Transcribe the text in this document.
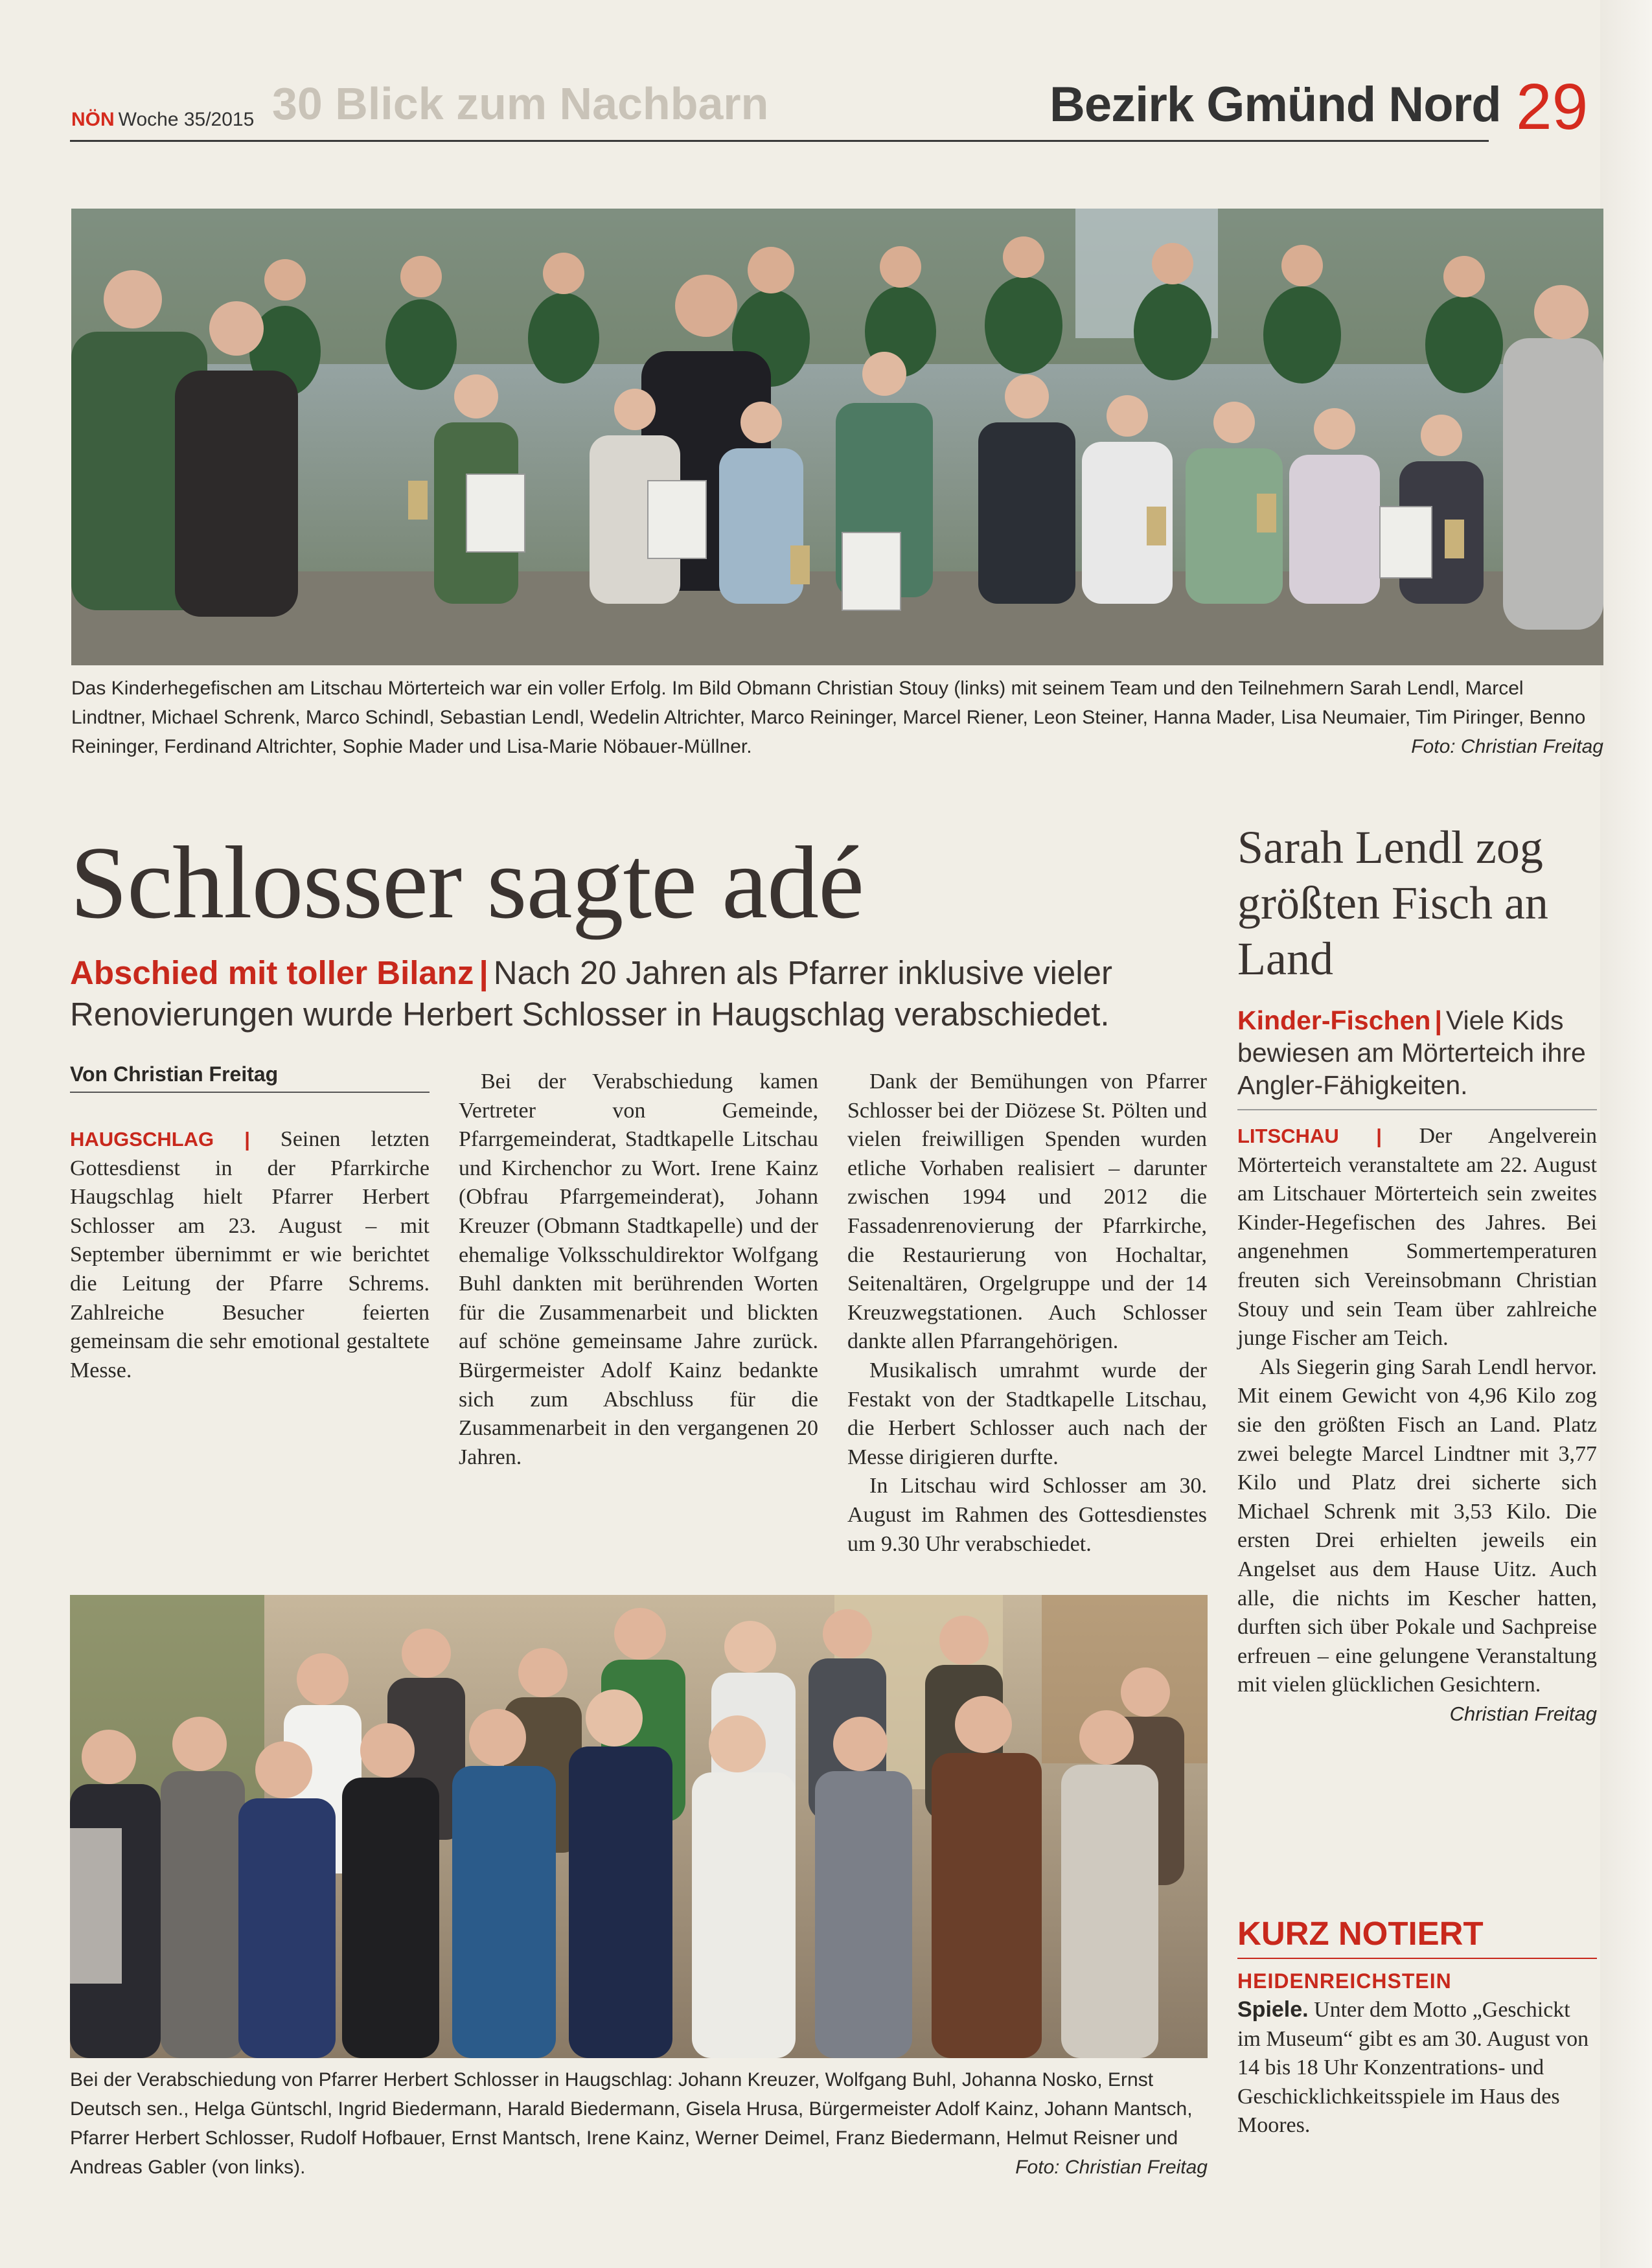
30 Blick zum Nachbarn
NÖN Woche 35/2015	Bezirk Gmünd Nord 29
Das Kinderhegefischen am Litschau Mörterteich war ein voller Erfolg. Im Bild Obmann Christian Stouy (links) mit seinem Team und den Teilnehmern Sarah Lendl, Marcel Lindtner, Michael Schrenk, Marco Schindl, Sebastian Lendl, Wedelin Altrichter, Marco Reininger, Marcel Riener, Leon Steiner, Hanna Mader, Lisa Neumaier, Tim Piringer, Benno Reininger, Ferdinand Altrichter, Sophie Mader und Lisa-Marie Nöbauer-Müllner.	Foto: Christian Freitag
Schlosser sagte adé
Abschied mit toller Bilanz | Nach 20 Jahren als Pfarrer inklusive vieler Renovierungen wurde Herbert Schlosser in Haugschlag verabschiedet.
Von Christian Freitag

HAUGSCHLAG | Seinen letzten Gottesdienst in der Pfarrkirche Haugschlag hielt Pfarrer Herbert Schlosser am 23. August – mit September übernimmt er wie berichtet die Leitung der Pfarre Schrems. Zahlreiche Besucher feierten gemeinsam die sehr emotional gestaltete Messe.

Bei der Verabschiedung kamen Vertreter von Gemeinde, Pfarrgemeinderat, Stadtkapelle Litschau und Kirchenchor zu Wort. Irene Kainz (Obfrau Pfarrgemeinderat), Johann Kreuzer (Obmann Stadtkapelle) und der ehemalige Volksschuldirektor Wolfgang Buhl dankten mit berührenden Worten für die Zusammenarbeit und blickten auf schöne gemeinsame Jahre zurück. Bürgermeister Adolf Kainz bedankte sich zum Abschluss für die Zusammenarbeit in den vergangenen 20 Jahren.

Dank der Bemühungen von Pfarrer Schlosser bei der Diözese St. Pölten und vielen freiwilligen Spenden wurden etliche Vorhaben realisiert – darunter zwischen 1994 und 2012 die Fassadenrenovierung der Pfarrkirche, die Restaurierung von Hochaltar, Seitenaltären, Orgelgruppe und der 14 Kreuzwegstationen. Auch Schlosser dankte allen Pfarrangehörigen.

Musikalisch umrahmt wurde der Festakt von der Stadtkapelle Litschau, die Herbert Schlosser auch nach der Messe dirigieren durfte.

In Litschau wird Schlosser am 30. August im Rahmen des Gottesdienstes um 9.30 Uhr verabschiedet.

Bei der Verabschiedung von Pfarrer Herbert Schlosser in Haugschlag: Johann Kreuzer, Wolfgang Buhl, Johanna Nosko, Ernst Deutsch sen., Helga Güntschl, Ingrid Biedermann, Harald Biedermann, Gisela Hrusa, Bürgermeister Adolf Kainz, Johann Mantsch, Pfarrer Herbert Schlosser, Rudolf Hofbauer, Ernst Mantsch, Irene Kainz, Werner Deimel, Franz Biedermann, Helmut Reisner und Andreas Gabler (von links).	Foto: Christian Freitag
Sarah Lendl zog größten Fisch an Land
Kinder-Fischen | Viele Kids bewiesen am Mörterteich ihre Angler-Fähigkeiten.

LITSCHAU | Der Angelverein Mörterteich veranstaltete am 22. August am Litschauer Mörterteich sein zweites Kinder-Hegefischen des Jahres. Bei angenehmen Sommertemperaturen freuten sich Vereinsobmann Christian Stouy und sein Team über zahlreiche junge Fischer am Teich.

Als Siegerin ging Sarah Lendl hervor. Mit einem Gewicht von 4,96 Kilo zog sie den größten Fisch an Land. Platz zwei belegte Marcel Lindtner mit 3,77 Kilo und Platz drei sicherte sich Michael Schrenk mit 3,53 Kilo. Die ersten Drei erhielten jeweils ein Angelset aus dem Hause Uitz. Auch alle, die nichts im Kescher hatten, durften sich über Pokale und Sachpreise erfreuen – eine gelungene Veranstaltung mit vielen glücklichen Gesichtern.

Christian Freitag

KURZ NOTIERT
HEIDENREICHSTEIN
Spiele. Unter dem Motto „Geschickt im Museum“ gibt es am 30. August von 14 bis 18 Uhr Konzentrations- und Geschicklichkeitsspiele im Haus des Moores.
